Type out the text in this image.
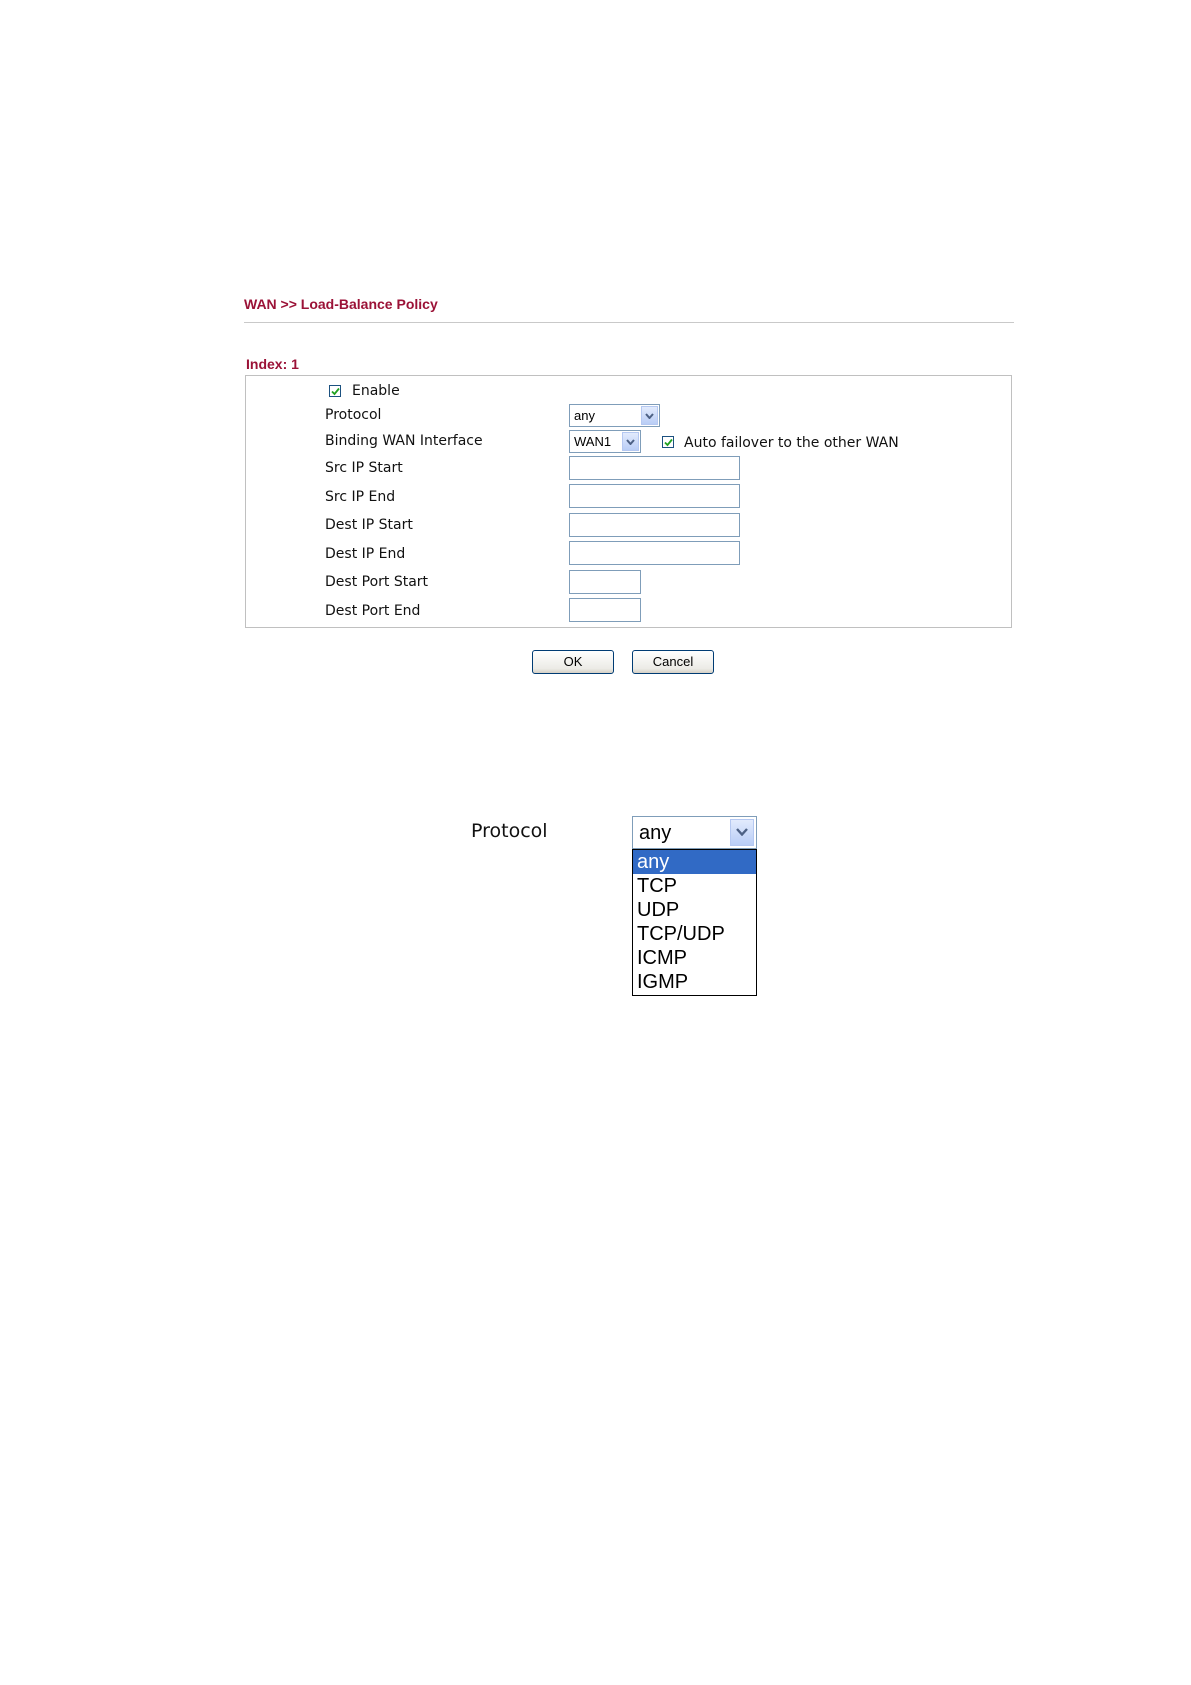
WAN >> Load-Balance Policy
Index: 1
Enable
Protocol	any
Binding WAN Interface	WAN1	Auto failover to the other WAN
Src IP Start
Src IP End
Dest IP Start
Dest IP End
Dest Port Start
Dest Port End
OK	Cancel
Protocol	any
any
TCP
UDP
TCP/UDP
ICMP
IGMP
